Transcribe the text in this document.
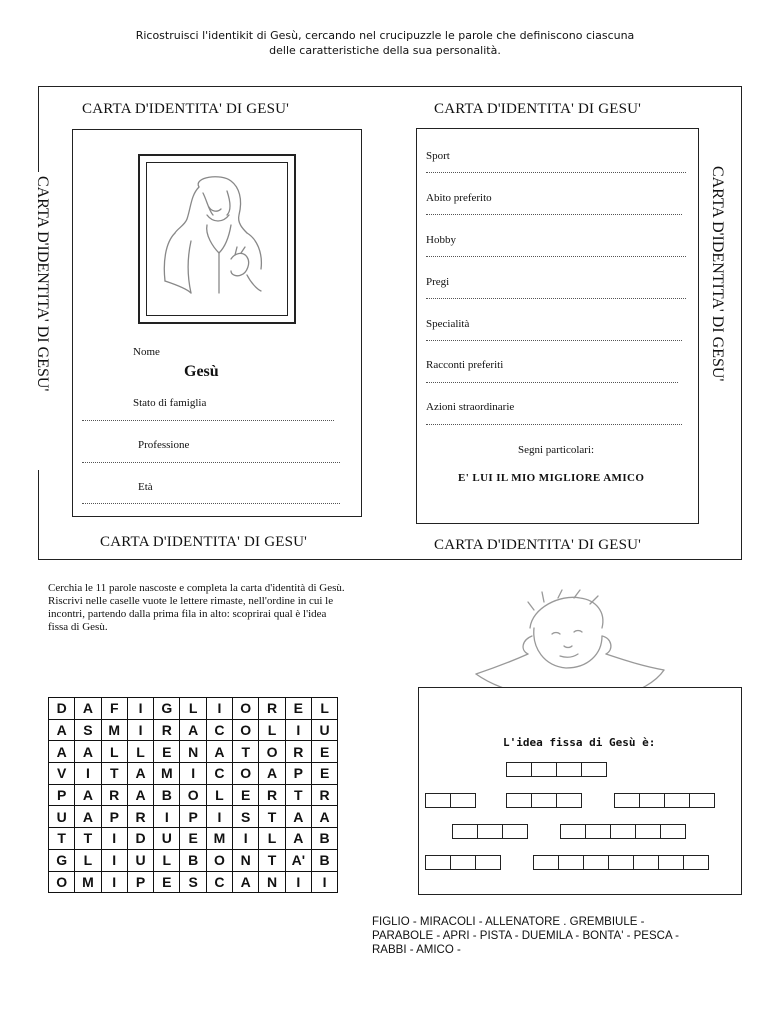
Ricostruisci l'identikit di Gesù, cercando nel crucipuzzle le parole che definiscono ciascuna
delle caratteristiche della sua personalità.
CARTA D'IDENTITA' DI GESU'	CARTA D'IDENTITA' DI GESU'
CARTA D'IDENTITA' DI GESU'	CARTA D'IDENTITA' DI GESU'
CARTA D'IDENTITA' DI GESU'	CARTA D'IDENTITA' DI GESU'
Nome
Gesù
Stato di famiglia
Professione
Età
Sport
Abito preferito
Hobby
Pregi
Specialità
Racconti preferiti
Azioni straordinarie
Segni particolari:
E' LUI IL MIO MIGLIORE AMICO
Cerchia le 11 parole nascoste e completa la carta d'identità di Gesù.
Riscrivi nelle caselle vuote le lettere rimaste, nell'ordine in cui le
incontri, partendo dalla prima fila in alto: scoprirai qual è l'idea
fissa di Gesù.
D	A	F	I	G	L	I	O	R	E	L
A	S	M	I	R	A	C	O	L	I	U
A	A	L	L	E	N	A	T	O	R	E
V	I	T	A	M	I	C	O	A	P	E
P	A	R	A	B	O	L	E	R	T	R
U	A	P	R	I	P	I	S	T	A	A
T	T	I	D	U	E	M	I	L	A	B
G	L	I	U	L	B	O	N	T	A'	B
O	M	I	P	E	S	C	A	N	I	I
L'idea fissa di Gesù è:
FIGLIO - MIRACOLI - ALLENATORE . GREMBIULE -
PARABOLE - APRI - PISTA - DUEMILA - BONTA' - PESCA -
RABBI - AMICO -
